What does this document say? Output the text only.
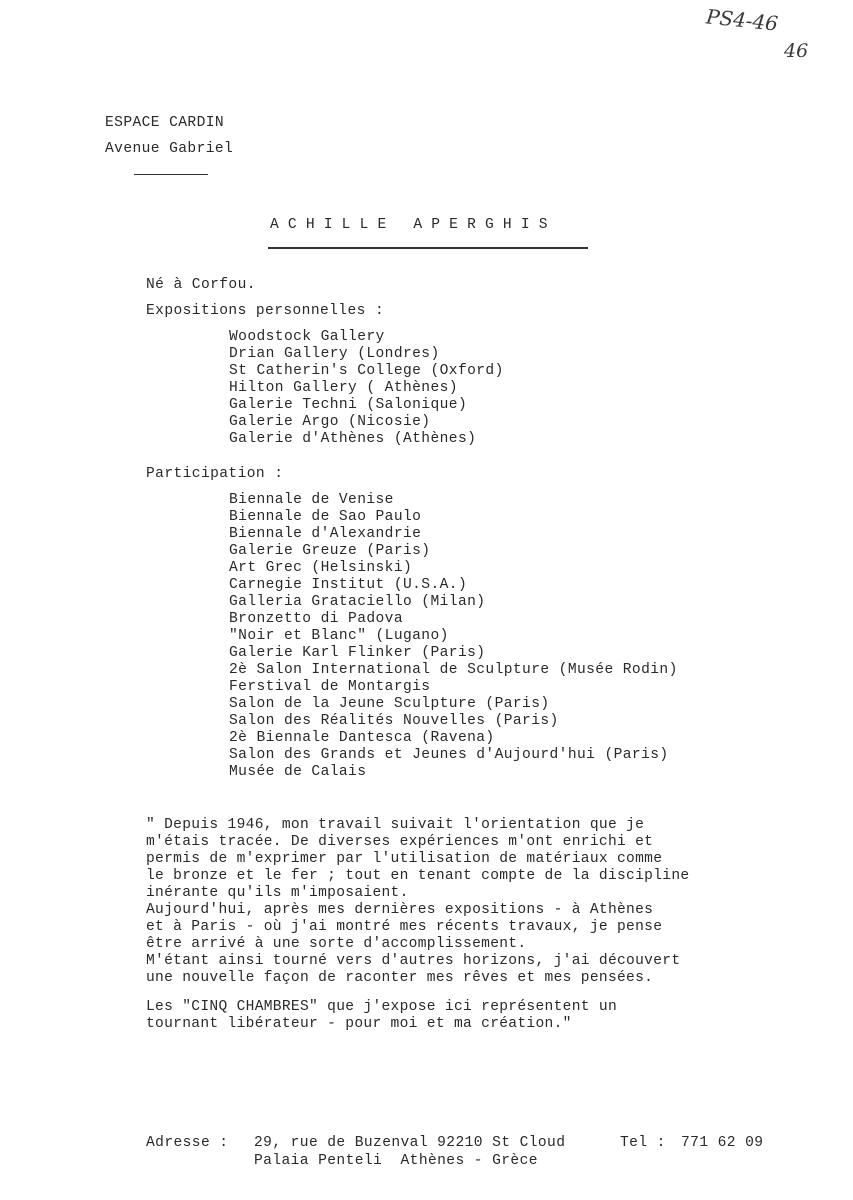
PS4-46
46
ESPACE CARDIN
Avenue Gabriel
A C H I L L E   A P E R G H I S
Né à Corfou.
Expositions personnelles :
Woodstock Gallery
Drian Gallery (Londres)
St Catherin's College (Oxford)
Hilton Gallery ( Athènes)
Galerie Techni (Salonique)
Galerie Argo (Nicosie)
Galerie d'Athènes (Athènes)
Participation :
Biennale de Venise
Biennale de Sao Paulo
Biennale d'Alexandrie
Galerie Greuze (Paris)
Art Grec (Helsinski)
Carnegie Institut (U.S.A.)
Galleria Grataciello (Milan)
Bronzetto di Padova
"Noir et Blanc" (Lugano)
Galerie Karl Flinker (Paris)
2è Salon International de Sculpture (Musée Rodin)
Ferstival de Montargis
Salon de la Jeune Sculpture (Paris)
Salon des Réalités Nouvelles (Paris)
2è Biennale Dantesca (Ravena)
Salon des Grands et Jeunes d'Aujourd'hui (Paris)
Musée de Calais
" Depuis 1946, mon travail suivait l'orientation que je
m'étais tracée. De diverses expériences m'ont enrichi et
permis de m'exprimer par l'utilisation de matériaux comme
le bronze et le fer ; tout en tenant compte de la discipline
inérante qu'ils m'imposaient.
Aujourd'hui, après mes dernières expositions - à Athènes
et à Paris - où j'ai montré mes récents travaux, je pense
être arrivé à une sorte d'accomplissement.
M'étant ainsi tourné vers d'autres horizons, j'ai découvert
une nouvelle façon de raconter mes rêves et mes pensées.
Les "CINQ CHAMBRES" que j'expose ici représentent un
tournant libérateur - pour moi et ma création."
Adresse : 29, rue de Buzenval 92210 St Cloud	Tel : 771 62 09
Palaia Penteli  Athènes - Grèce
